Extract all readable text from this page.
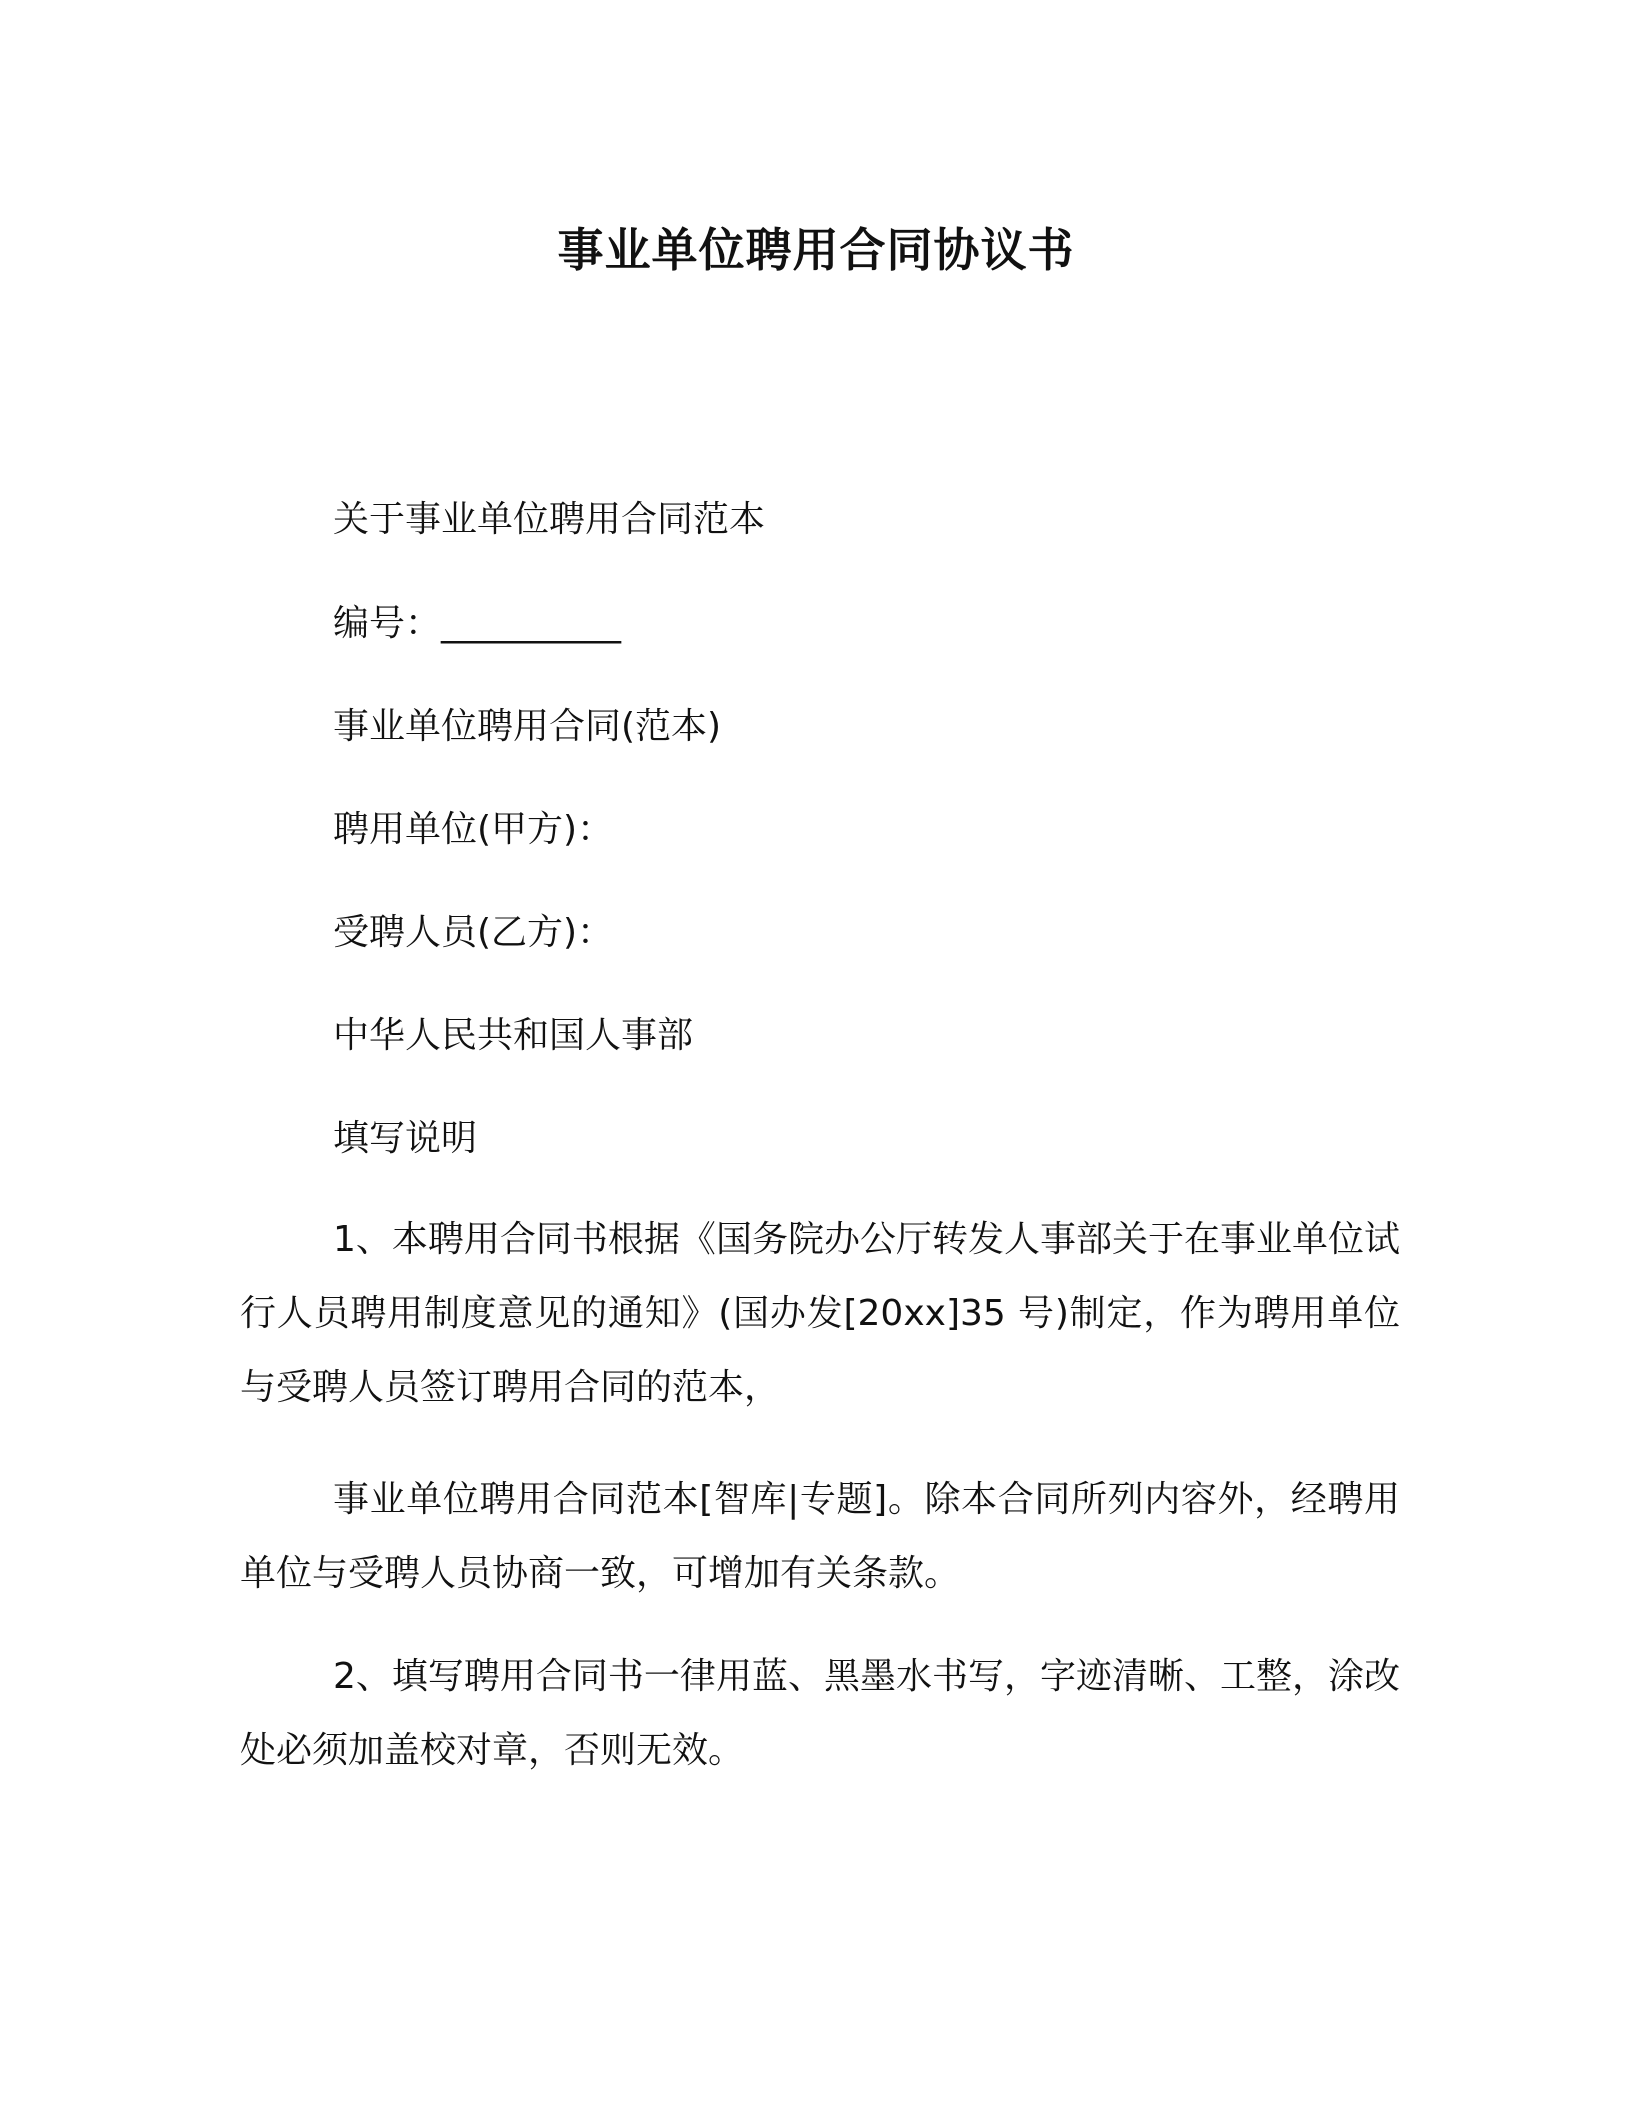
事业单位聘用合同协议书
关于事业单位聘用合同范本
编号：__________
事业单位聘用合同(范本)
聘用单位(甲方)：
受聘人员(乙方)：
中华人民共和国人事部
填写说明
1、本聘用合同书根据《国务院办公厅转发人事部关于在事业单位试行人员聘用制度意见的通知》(国办发[20xx]35 号)制定，作为聘用单位与受聘人员签订聘用合同的范本，
事业单位聘用合同范本[智库|专题]。除本合同所列内容外，经聘用单位与受聘人员协商一致，可增加有关条款。
2、填写聘用合同书一律用蓝、黑墨水书写，字迹清晰、工整，涂改处必须加盖校对章，否则无效。
